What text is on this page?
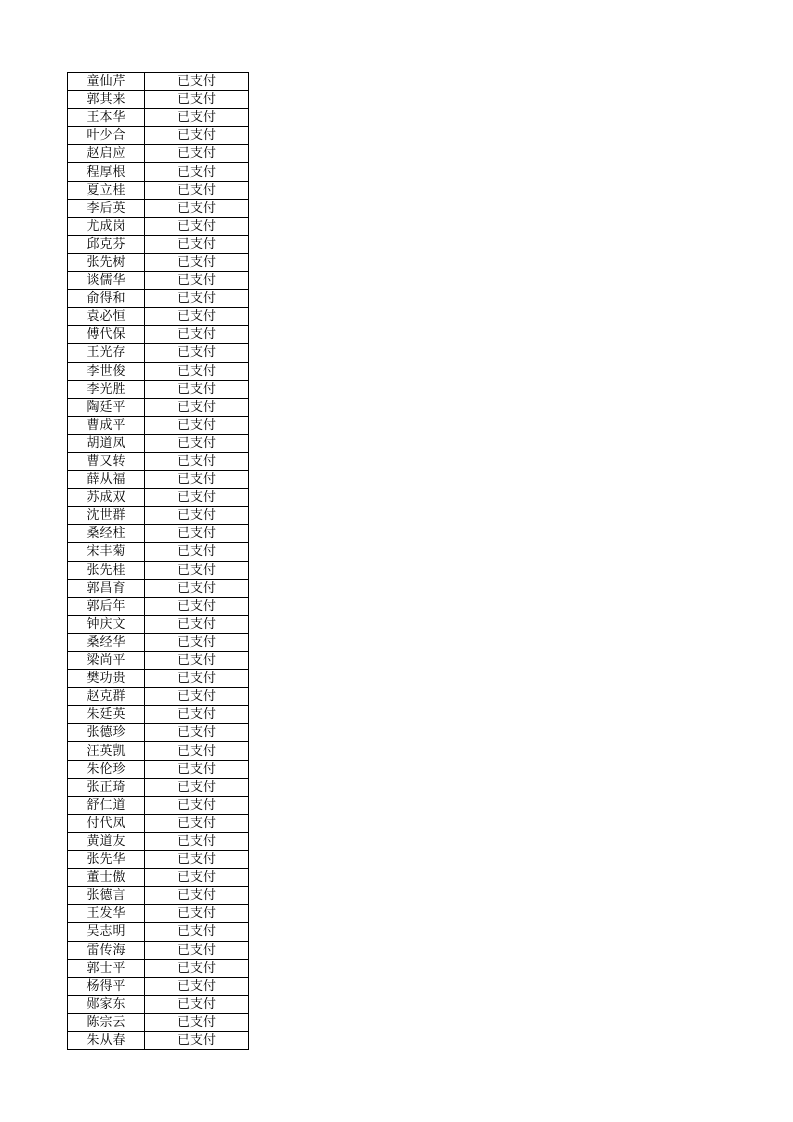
童仙芹	已支付
郭其来	已支付
王本华	已支付
叶少合	已支付
赵启应	已支付
程厚根	已支付
夏立桂	已支付
李后英	已支付
尤成岗	已支付
邱克芬	已支付
张先树	已支付
谈儒华	已支付
俞得和	已支付
袁必恒	已支付
傅代保	已支付
王光存	已支付
李世俊	已支付
李光胜	已支付
陶廷平	已支付
曹成平	已支付
胡道凤	已支付
曹又转	已支付
薛从福	已支付
苏成双	已支付
沈世群	已支付
桑经柱	已支付
宋丰菊	已支付
张先桂	已支付
郭昌育	已支付
郭后年	已支付
钟庆文	已支付
桑经华	已支付
梁尚平	已支付
樊功贵	已支付
赵克群	已支付
朱廷英	已支付
张德珍	已支付
汪英凯	已支付
朱伦珍	已支付
张正琦	已支付
舒仁道	已支付
付代凤	已支付
黄道友	已支付
张先华	已支付
董士傲	已支付
张德言	已支付
王发华	已支付
吴志明	已支付
雷传海	已支付
郭士平	已支付
杨得平	已支付
郧家东	已支付
陈宗云	已支付
朱从春	已支付
